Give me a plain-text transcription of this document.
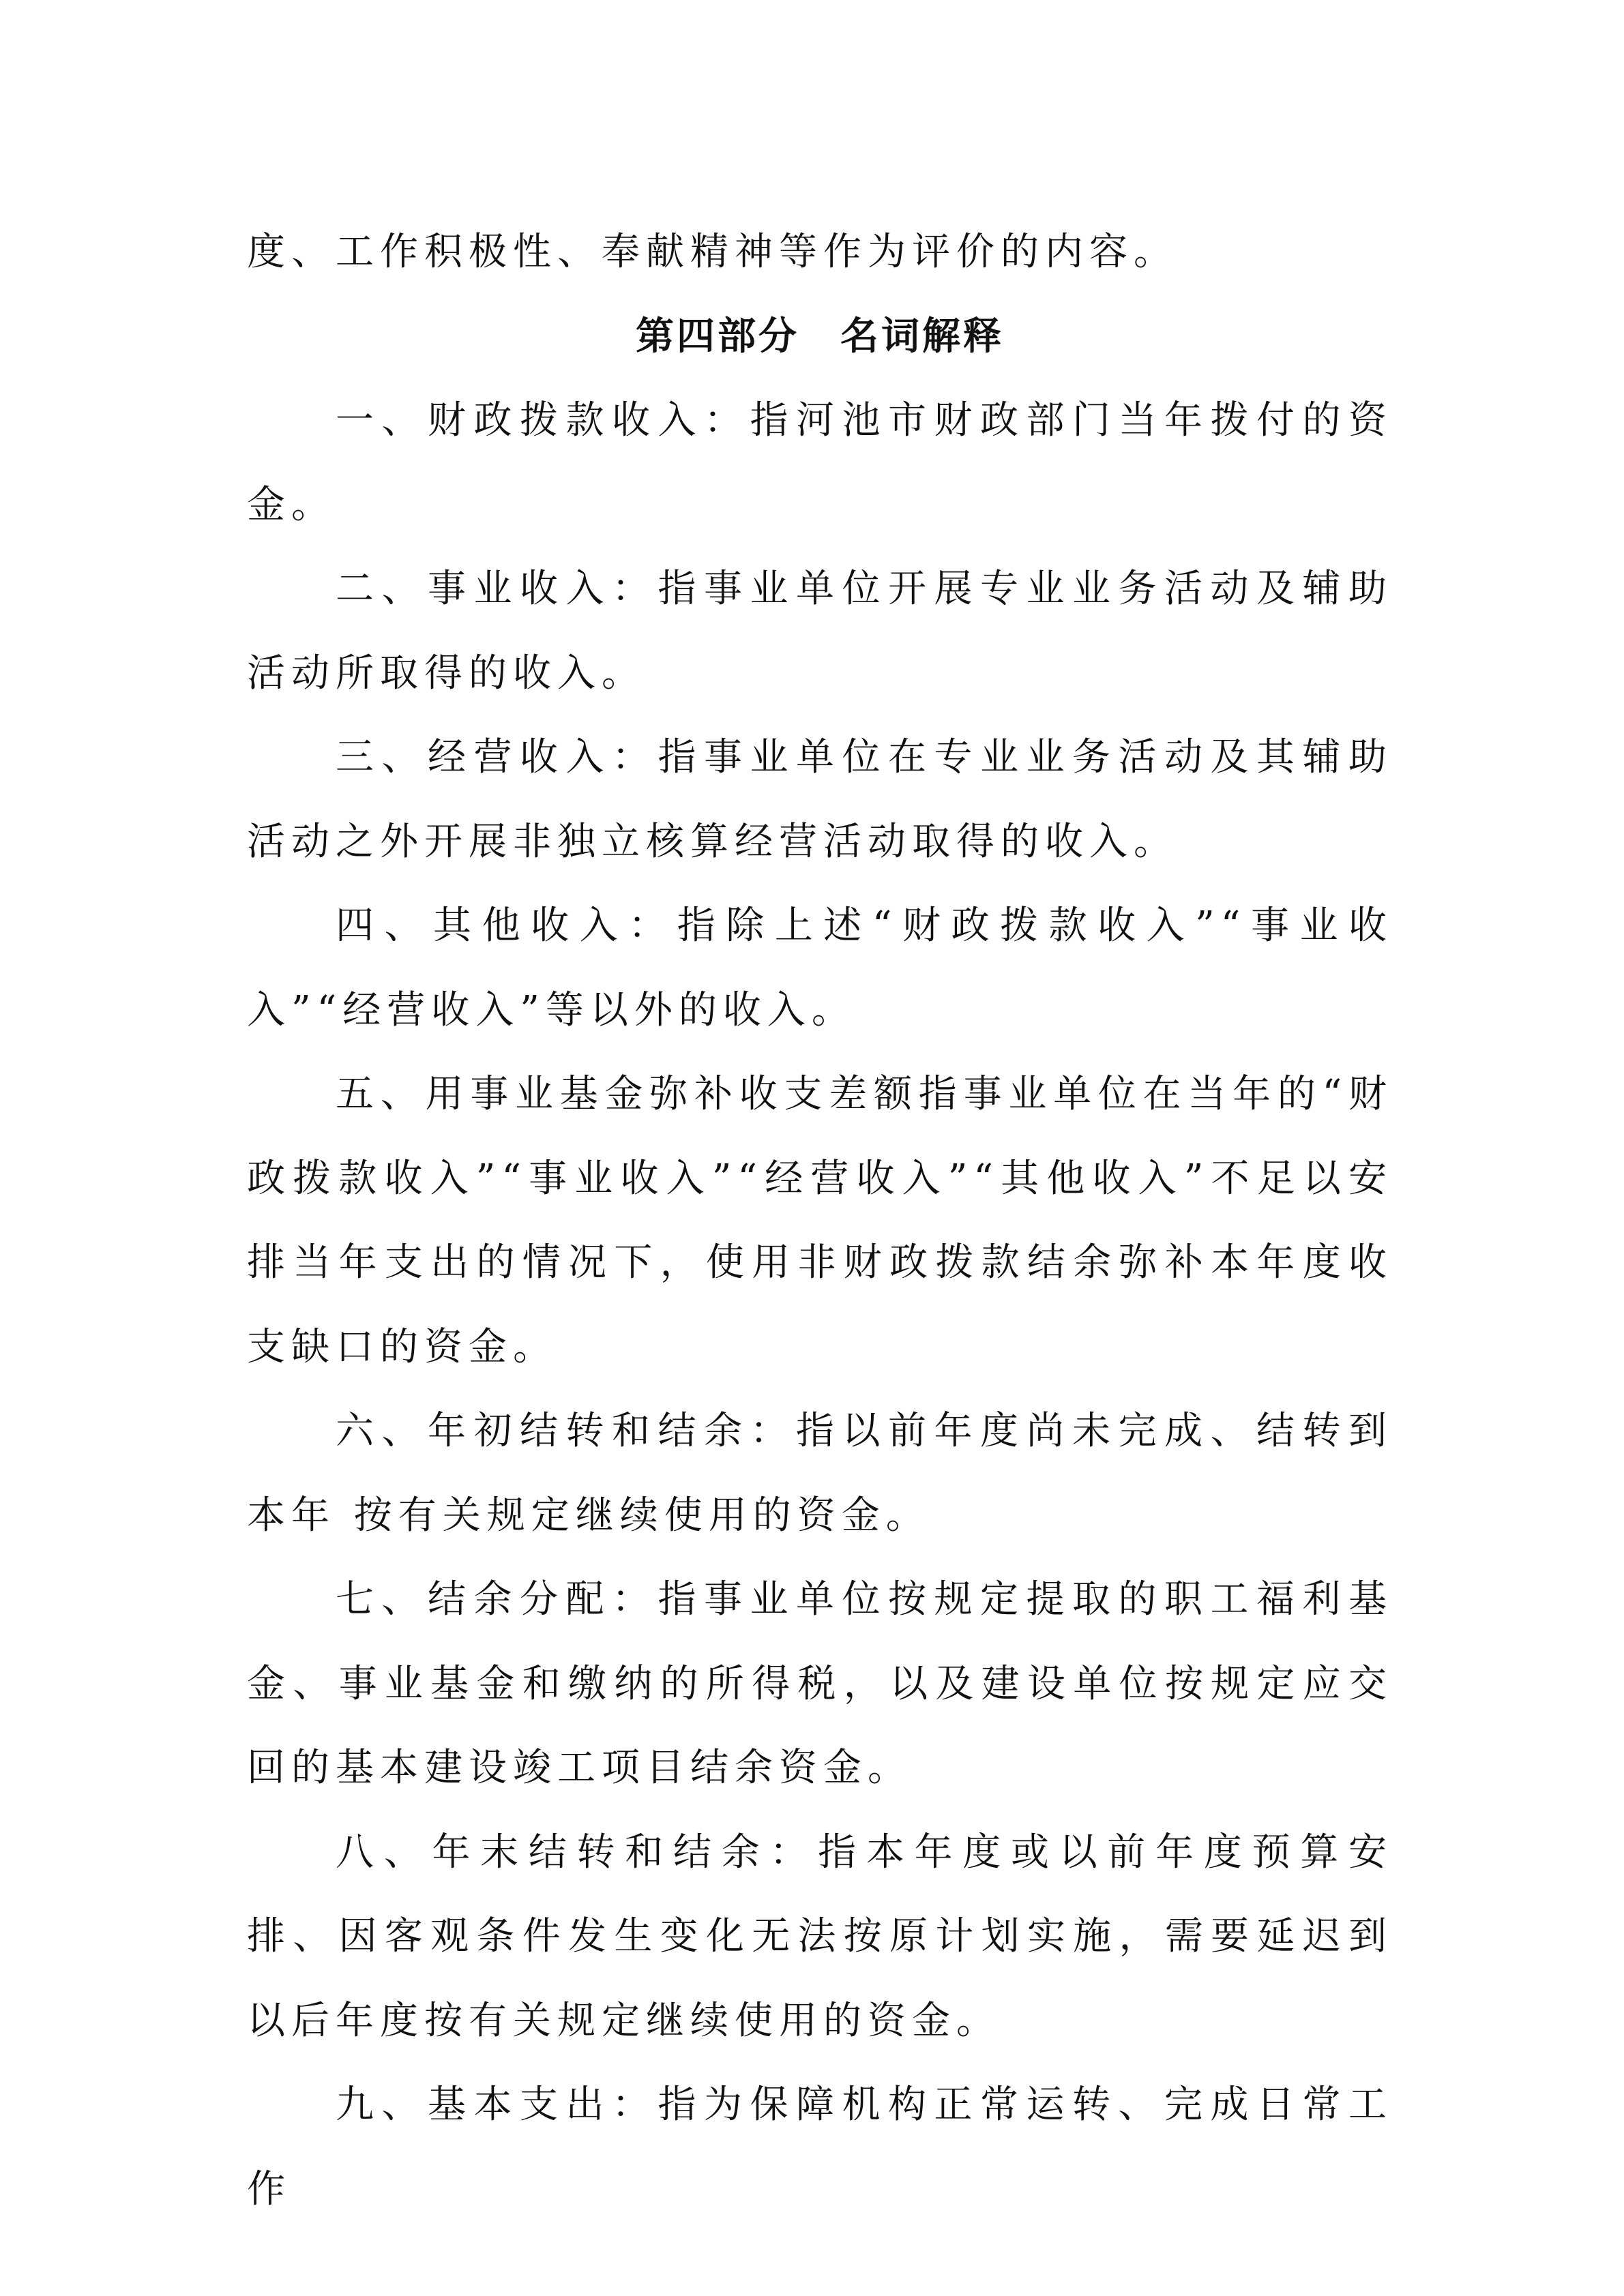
度、工作积极性、奉献精神等作为评价的内容。

第四部分　名词解释

一、财政拨款收入：指河池市财政部门当年拨付的资金。

二、事业收入：指事业单位开展专业业务活动及辅助活动所取得的收入。

三、经营收入：指事业单位在专业业务活动及其辅助活动之外开展非独立核算经营活动取得的收入。

四、其他收入：指除上述“财政拨款收入”“事业收入”“经营收入”等以外的收入。

五、用事业基金弥补收支差额指事业单位在当年的“财政拨款收入”“事业收入”“经营收入”“其他收入”不足以安排当年支出的情况下，使用非财政拨款结余弥补本年度收支缺口的资金。

六、年初结转和结余：指以前年度尚未完成、结转到本年 按有关规定继续使用的资金。

七、结余分配：指事业单位按规定提取的职工福利基金、事业基金和缴纳的所得税，以及建设单位按规定应交回的基本建设竣工项目结余资金。

八、年末结转和结余：指本年度或以前年度预算安排、因客观条件发生变化无法按原计划实施，需要延迟到以后年度按有关规定继续使用的资金。

九、基本支出：指为保障机构正常运转、完成日常工作
